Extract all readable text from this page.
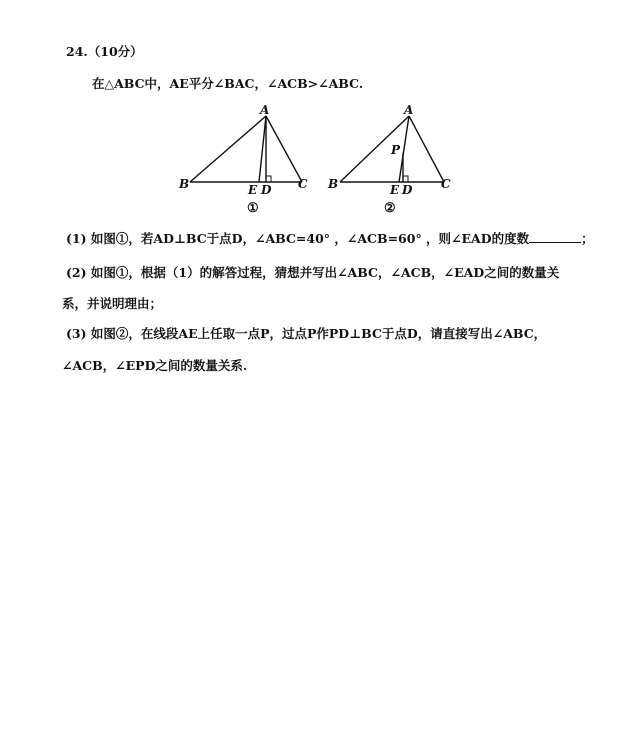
24.（10分）
在△ABC中，AE平分∠BAC，∠ACB>∠ABC.
A
B	C
E D
①
A
P
B	C
E D
②
(1) 如图①，若AD⊥BC于点D，∠ABC=40° ，∠ACB=60° ，则∠EAD的度数	；
(2) 如图①，根据（1）的解答过程，猜想并写出∠ABC，∠ACB，∠EAD之间的数量关
系，并说明理由；
(3) 如图②，在线段AE上任取一点P，过点P作PD⊥BC于点D，请直接写出∠ABC，
∠ACB，∠EPD之间的数量关系.
